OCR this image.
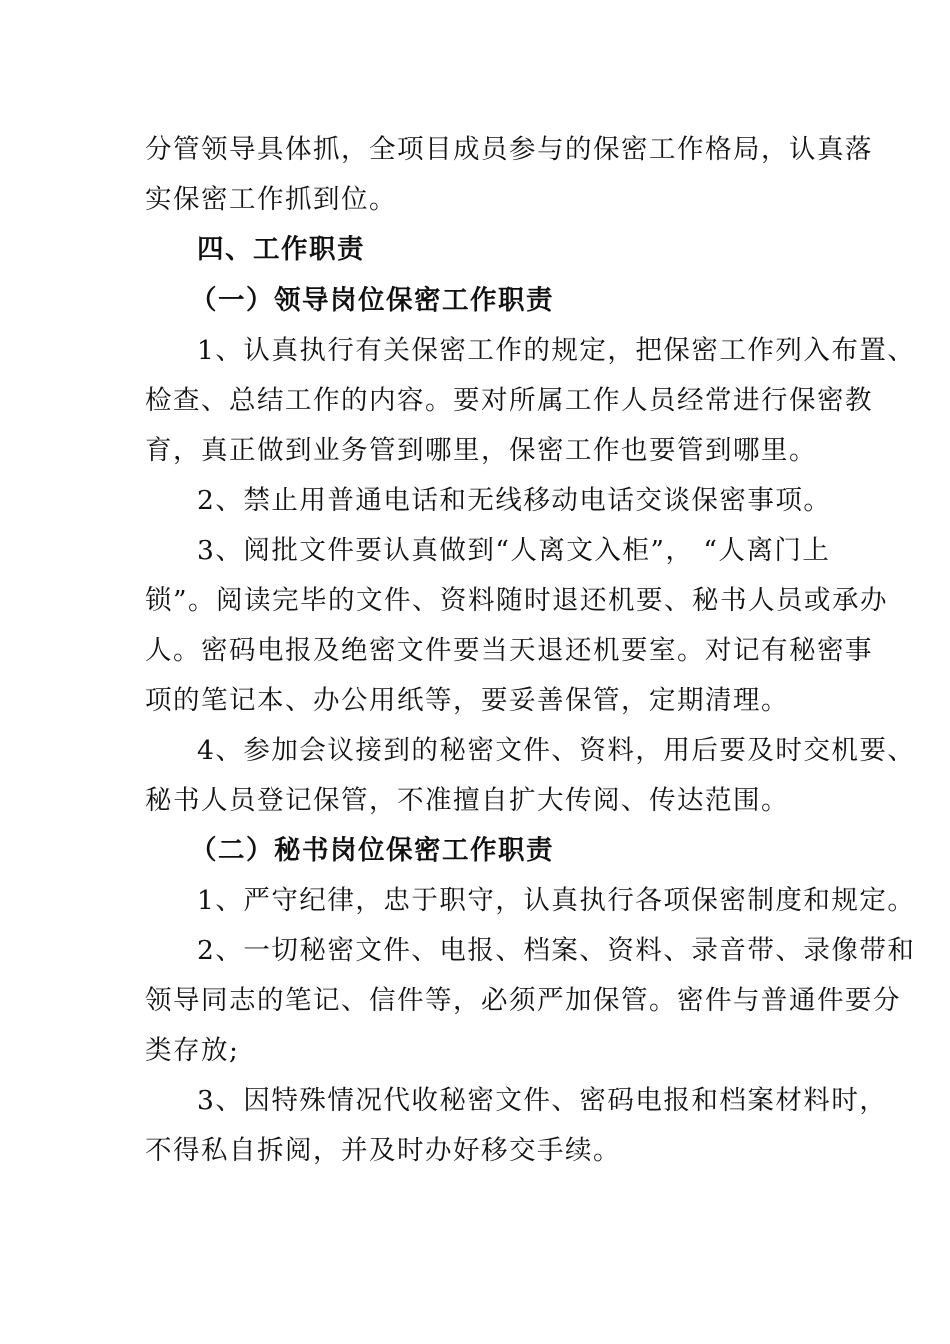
分管领导具体抓，全项目成员参与的保密工作格局，认真落

实保密工作抓到位。

四、工作职责

（一）领导岗位保密工作职责

1、认真执行有关保密工作的规定，把保密工作列入布置、

检查、总结工作的内容。要对所属工作人员经常进行保密教

育，真正做到业务管到哪里，保密工作也要管到哪里。

2、禁止用普通电话和无线移动电话交谈保密事项。

3、阅批文件要认真做到“人离文入柜”， “人离门上

锁”。阅读完毕的文件、资料随时退还机要、秘书人员或承办

人。密码电报及绝密文件要当天退还机要室。对记有秘密事

项的笔记本、办公用纸等，要妥善保管，定期清理。

4、参加会议接到的秘密文件、资料，用后要及时交机要、

秘书人员登记保管，不准擅自扩大传阅、传达范围。

（二）秘书岗位保密工作职责

1、严守纪律，忠于职守，认真执行各项保密制度和规定。

2、一切秘密文件、电报、档案、资料、录音带、录像带和

领导同志的笔记、信件等，必须严加保管。密件与普通件要分

类存放;

3、因特殊情况代收秘密文件、密码电报和档案材料时，

不得私自拆阅，并及时办好移交手续。
